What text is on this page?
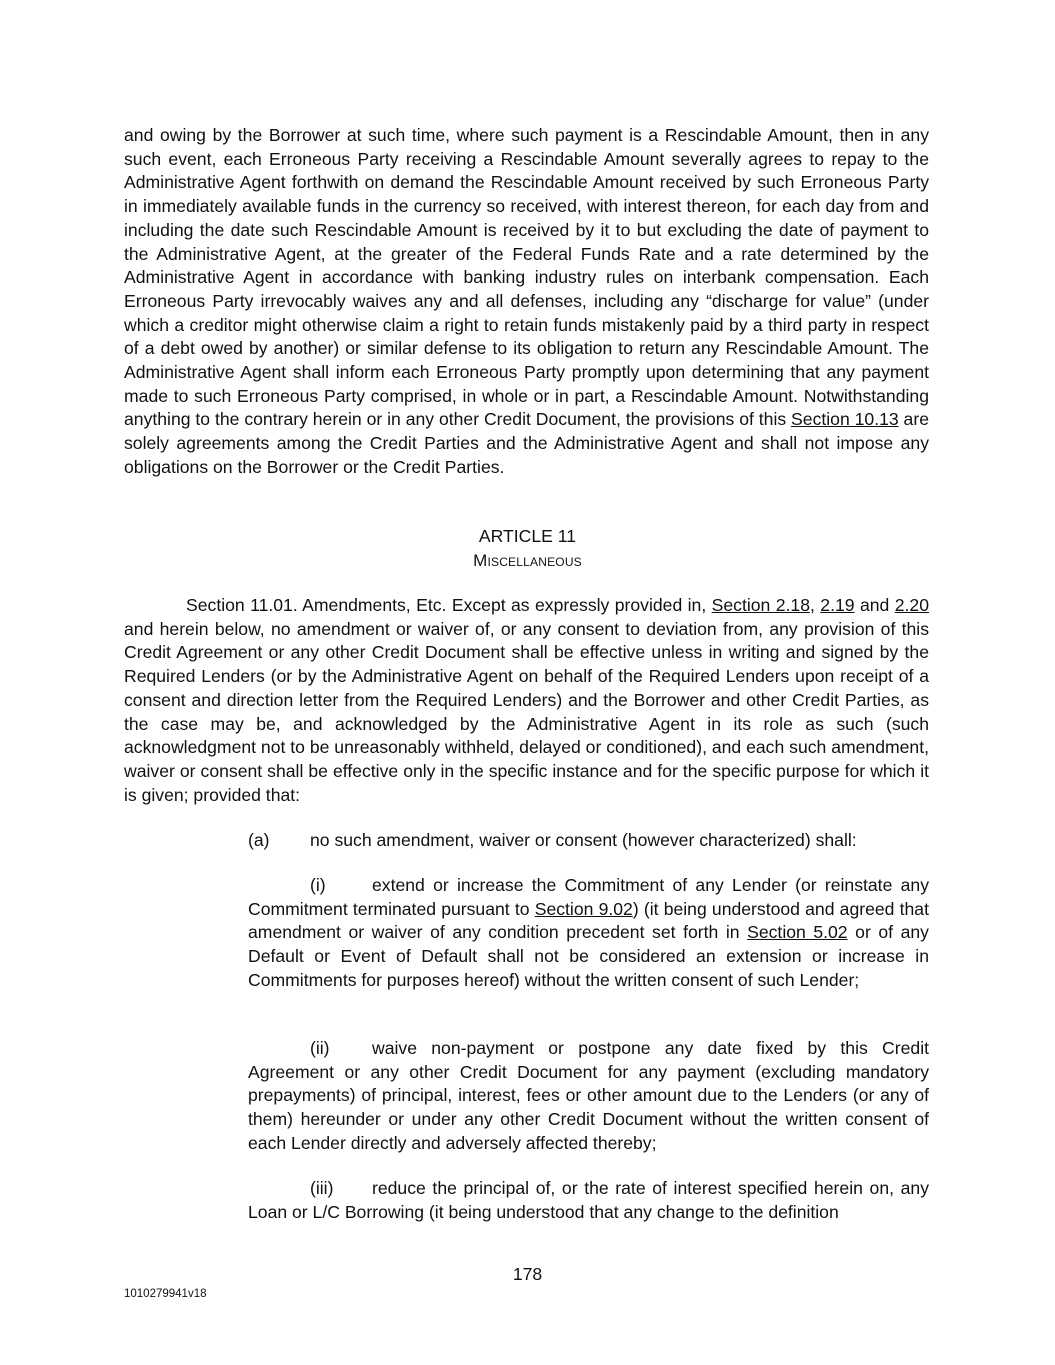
and owing by the Borrower at such time, where such payment is a Rescindable Amount, then in any such event, each Erroneous Party receiving a Rescindable Amount severally agrees to repay to the Administrative Agent forthwith on demand the Rescindable Amount received by such Erroneous Party in immediately available funds in the currency so received, with interest thereon, for each day from and including the date such Rescindable Amount is received by it to but excluding the date of payment to the Administrative Agent, at the greater of the Federal Funds Rate and a rate determined by the Administrative Agent in accordance with banking industry rules on interbank compensation. Each Erroneous Party irrevocably waives any and all defenses, including any “discharge for value” (under which a creditor might otherwise claim a right to retain funds mistakenly paid by a third party in respect of a debt owed by another) or similar defense to its obligation to return any Rescindable Amount. The Administrative Agent shall inform each Erroneous Party promptly upon determining that any payment made to such Erroneous Party comprised, in whole or in part, a Rescindable Amount. Notwithstanding anything to the contrary herein or in any other Credit Document, the provisions of this Section 10.13 are solely agreements among the Credit Parties and the Administrative Agent and shall not impose any obligations on the Borrower or the Credit Parties.

ARTICLE 11
Miscellaneous

Section 11.01. Amendments, Etc. Except as expressly provided in, Section 2.18, 2.19 and 2.20 and herein below, no amendment or waiver of, or any consent to deviation from, any provision of this Credit Agreement or any other Credit Document shall be effective unless in writing and signed by the Required Lenders (or by the Administrative Agent on behalf of the Required Lenders upon receipt of a consent and direction letter from the Required Lenders) and the Borrower and other Credit Parties, as the case may be, and acknowledged by the Administrative Agent in its role as such (such acknowledgment not to be unreasonably withheld, delayed or conditioned), and each such amendment, waiver or consent shall be effective only in the specific instance and for the specific purpose for which it is given; provided that:

(a) no such amendment, waiver or consent (however characterized) shall:

(i)	extend or increase the Commitment of any Lender (or reinstate any Commitment terminated pursuant to Section 9.02) (it being understood and agreed that amendment or waiver of any condition precedent set forth in Section 5.02 or of any Default or Event of Default shall not be considered an extension or increase in Commitments for purposes hereof) without the written consent of such Lender;

(ii) waive non-payment or postpone any date fixed by this Credit Agreement or any other Credit Document for any payment (excluding mandatory prepayments) of principal, interest, fees or other amount due to the Lenders (or any of them) hereunder or under any other Credit Document without the written consent of each Lender directly and adversely affected thereby;

(iii) reduce the principal of, or the rate of interest specified herein on, any Loan or L/C Borrowing (it being understood that any change to the definition

178
1010279941v18
